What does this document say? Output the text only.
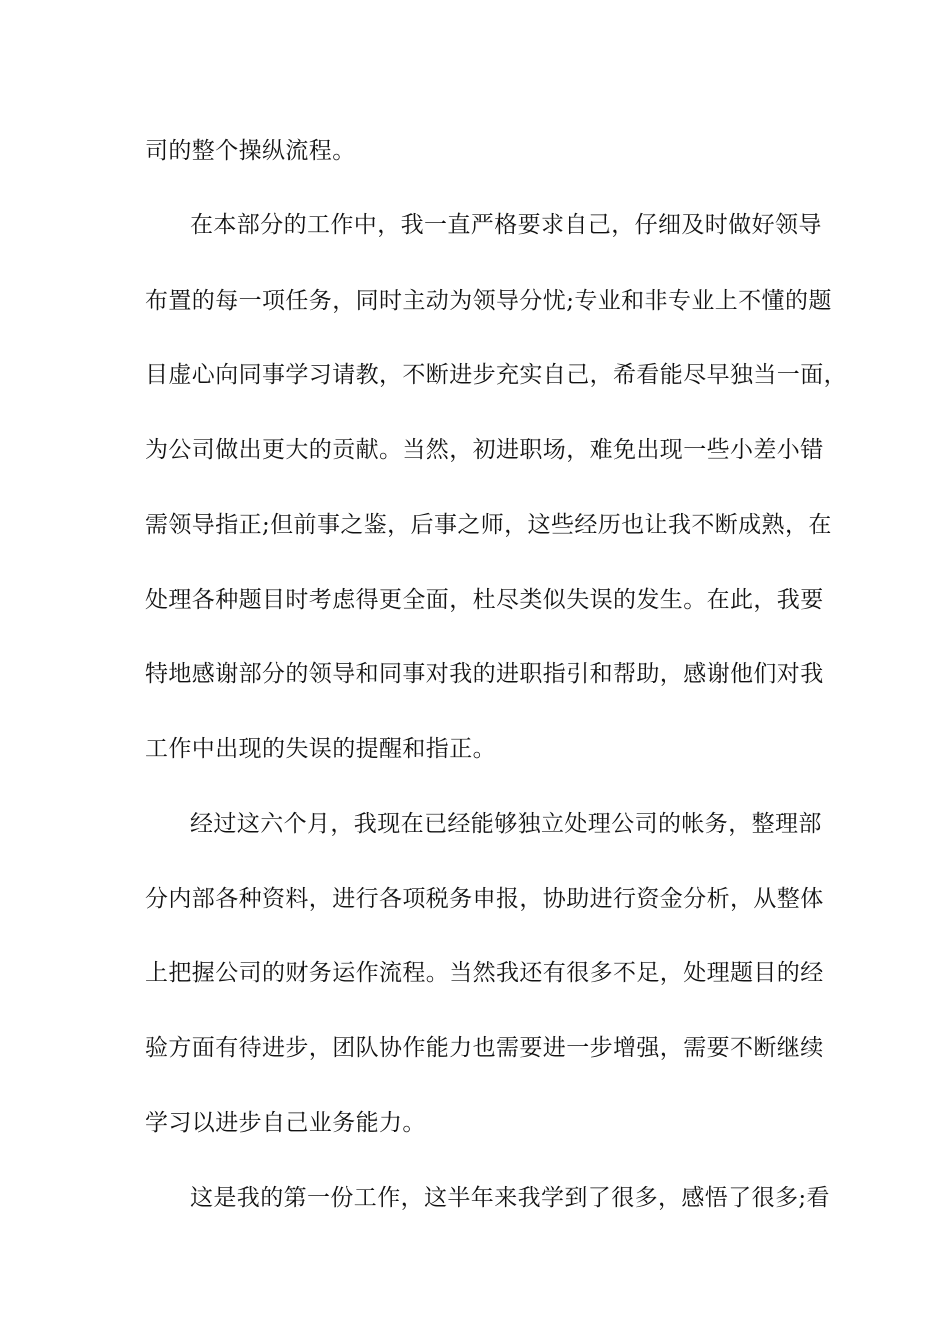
司的整个操纵流程。
在本部分的工作中，我一直严格要求自己，仔细及时做好领导
布置的每一项任务，同时主动为领导分忧;专业和非专业上不懂的题
目虚心向同事学习请教，不断进步充实自己，希看能尽早独当一面，
为公司做出更大的贡献。当然，初进职场，难免出现一些小差小错
需领导指正;但前事之鉴，后事之师，这些经历也让我不断成熟，在
处理各种题目时考虑得更全面，杜尽类似失误的发生。在此，我要
特地感谢部分的领导和同事对我的进职指引和帮助，感谢他们对我
工作中出现的失误的提醒和指正。
经过这六个月，我现在已经能够独立处理公司的帐务，整理部
分内部各种资料，进行各项税务申报，协助进行资金分析，从整体
上把握公司的财务运作流程。当然我还有很多不足，处理题目的经
验方面有待进步，团队协作能力也需要进一步增强，需要不断继续
学习以进步自己业务能力。
这是我的第一份工作，这半年来我学到了很多，感悟了很多;看
